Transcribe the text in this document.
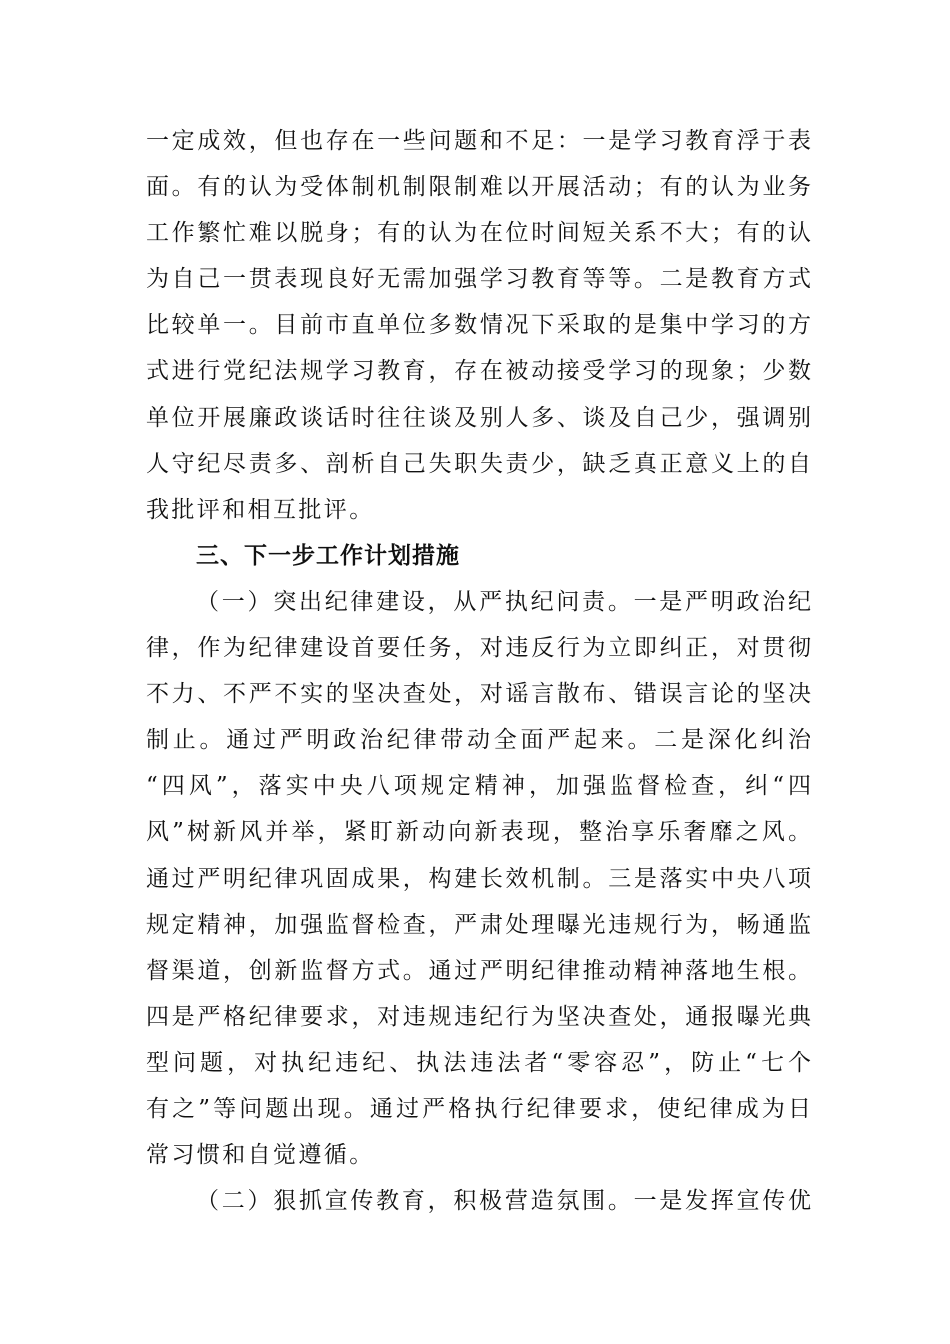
一定成效，但也存在一些问题和不足：一是学习教育浮于表
面。有的认为受体制机制限制难以开展活动；有的认为业务
工作繁忙难以脱身；有的认为在位时间短关系不大；有的认
为自己一贯表现良好无需加强学习教育等等。二是教育方式
比较单一。目前市直单位多数情况下采取的是集中学习的方
式进行党纪法规学习教育，存在被动接受学习的现象；少数
单位开展廉政谈话时往往谈及别人多、谈及自己少，强调别
人守纪尽责多、剖析自己失职失责少，缺乏真正意义上的自
我批评和相互批评。
三、下一步工作计划措施
（一）突出纪律建设，从严执纪问责。一是严明政治纪
律，作为纪律建设首要任务，对违反行为立即纠正，对贯彻
不力、不严不实的坚决查处，对谣言散布、错误言论的坚决
制止。通过严明政治纪律带动全面严起来。二是深化纠治
“四风”，落实中央八项规定精神，加强监督检查，纠“四
风”树新风并举，紧盯新动向新表现，整治享乐奢靡之风。
通过严明纪律巩固成果，构建长效机制。三是落实中央八项
规定精神，加强监督检查，严肃处理曝光违规行为，畅通监
督渠道，创新监督方式。通过严明纪律推动精神落地生根。
四是严格纪律要求，对违规违纪行为坚决查处，通报曝光典
型问题，对执纪违纪、执法违法者“零容忍”，防止“七个
有之”等问题出现。通过严格执行纪律要求，使纪律成为日
常习惯和自觉遵循。
（二）狠抓宣传教育，积极营造氛围。一是发挥宣传优
